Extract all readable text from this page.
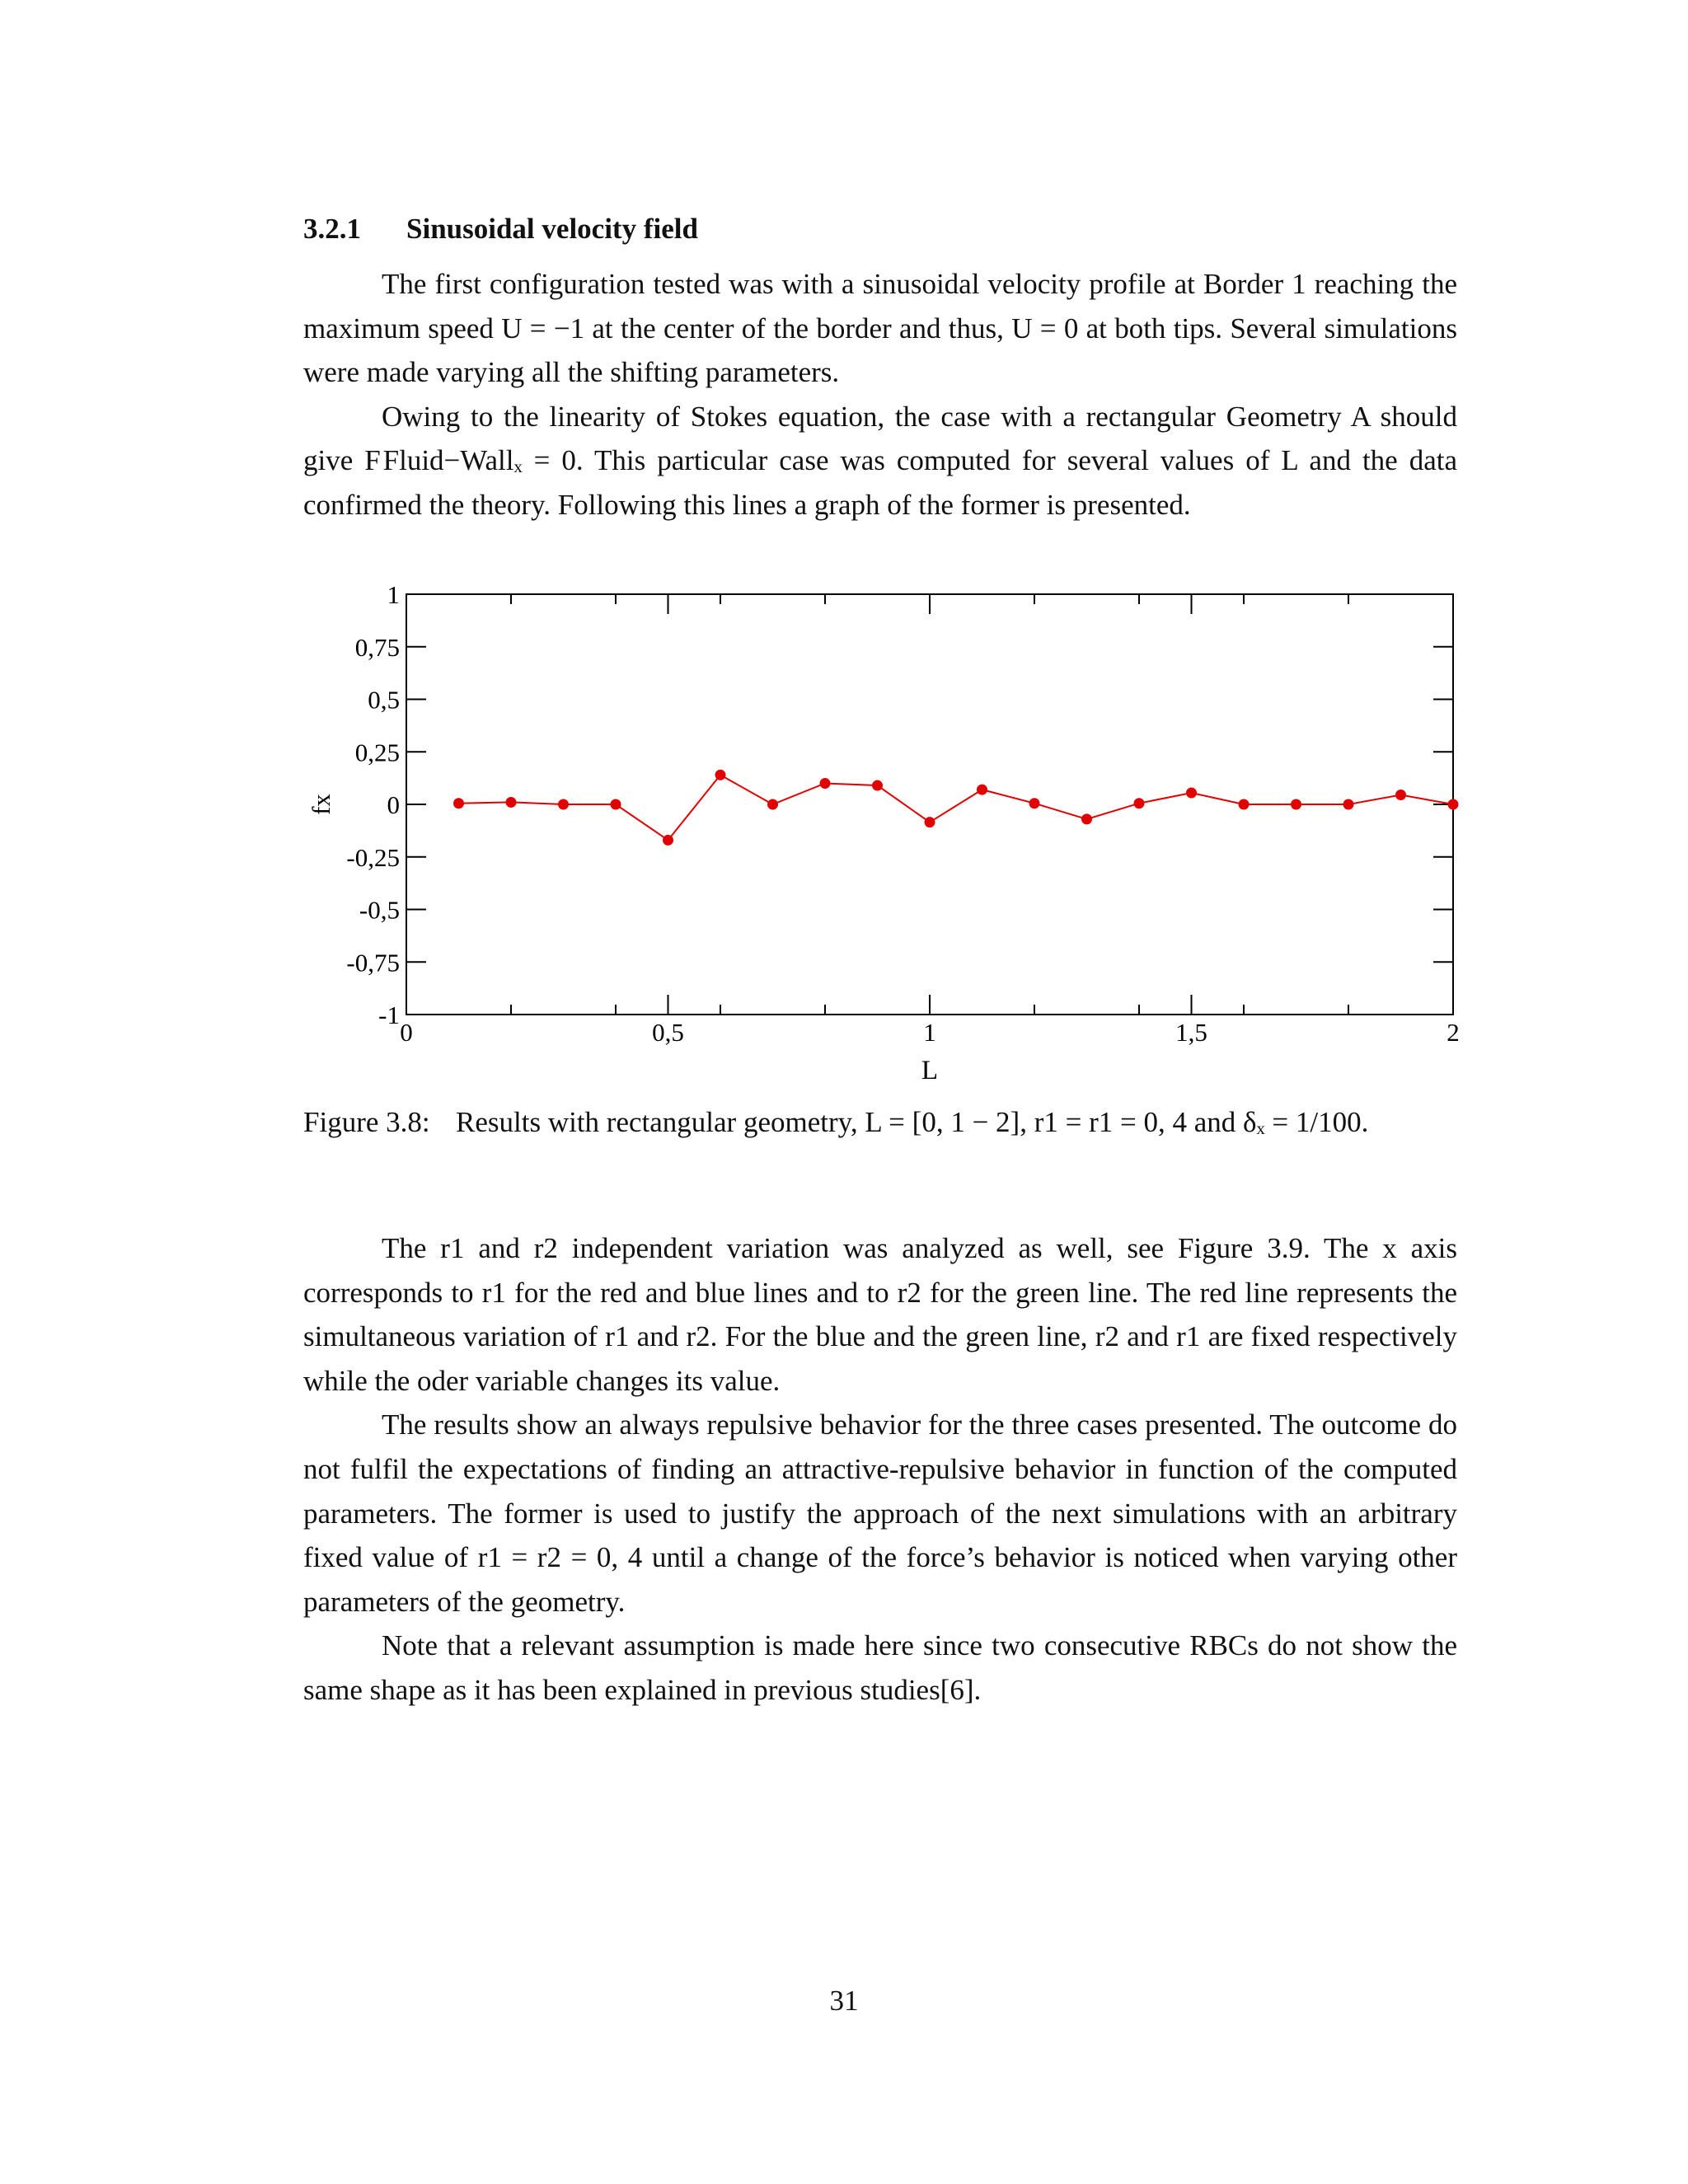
3.2.1 Sinusoidal velocity field

The first configuration tested was with a sinusoidal velocity profile at Border 1 reaching the maximum speed U = −1 at the center of the border and thus, U = 0 at both tips. Several simulations were made varying all the shifting parameters.

Owing to the linearity of Stokes equation, the case with a rectangular Geometry A should give F Fluid−Wallₓ = 0. This particular case was computed for several values of L and the data confirmed the theory. Following this lines a graph of the former is presented.

1
0,75
0,5
0,25
0
-0,25
-0,5
-0,75
-1
0	0,5	1	1,5	2
L
fx
Figure 3.8: Results with rectangular geometry, L = [0, 1 − 2], r1 = r1 = 0, 4 and δₓ = 1/100.

The r1 and r2 independent variation was analyzed as well, see Figure 3.9. The x axis corresponds to r1 for the red and blue lines and to r2 for the green line. The red line represents the simultaneous variation of r1 and r2. For the blue and the green line, r2 and r1 are fixed respectively while the oder variable changes its value.

The results show an always repulsive behavior for the three cases presented. The outcome do not fulfil the expectations of finding an attractive-repulsive behavior in function of the computed parameters. The former is used to justify the approach of the next simulations with an arbitrary fixed value of r1 = r2 = 0, 4 until a change of the force’s behavior is noticed when varying other parameters of the geometry.

Note that a relevant assumption is made here since two consecutive RBCs do not show the same shape as it has been explained in previous studies[6].

31
